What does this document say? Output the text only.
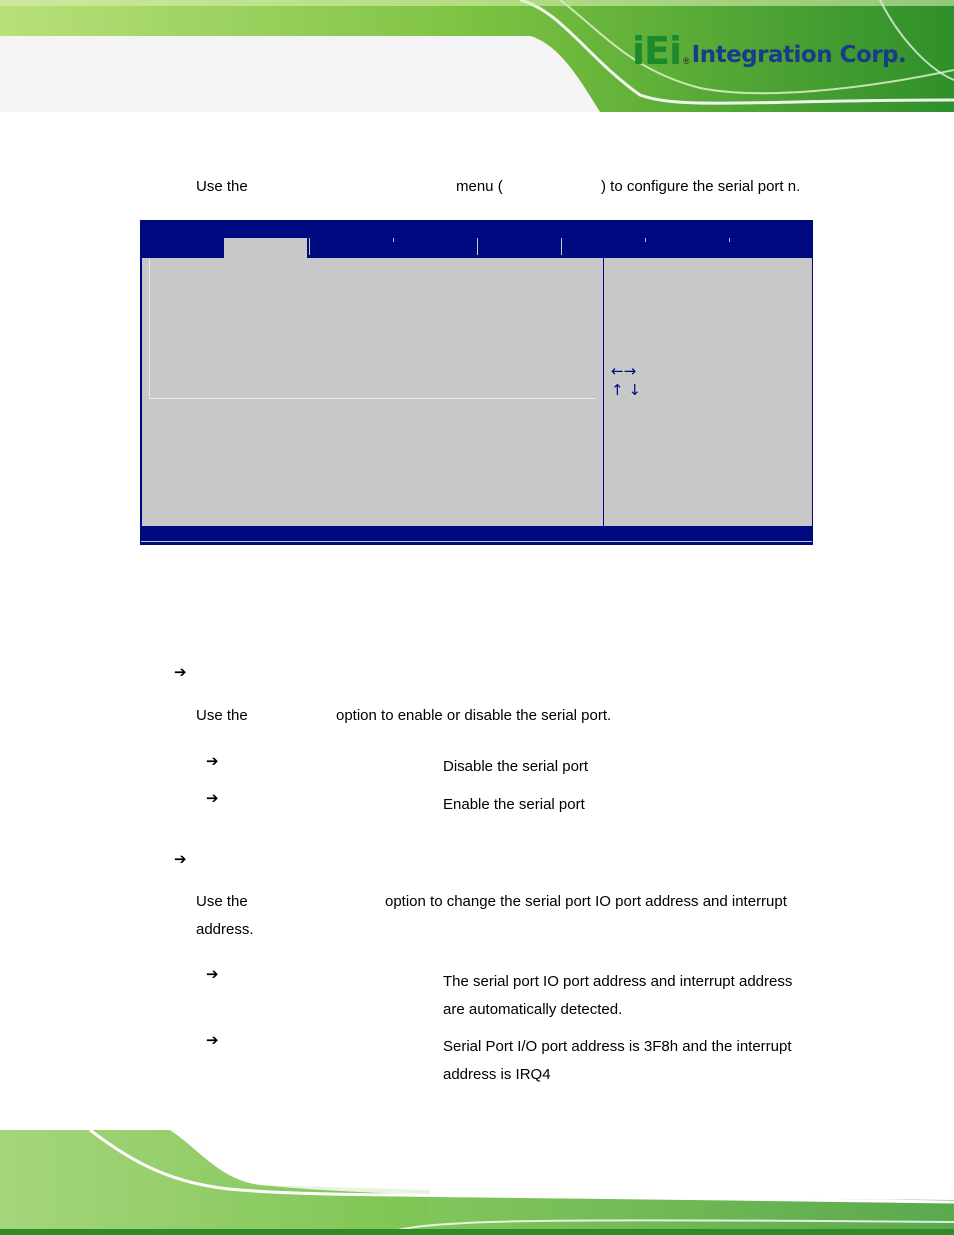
iEi ® Integration Corp.
Use the	menu (	) to configure the serial port n.
←→
↑ ↓
➔
Use the	option to enable or disable the serial port.
➔	Disable the serial port
➔	Enable the serial port
➔
Use the	option to change the serial port IO port address and interrupt
address.
➔	The serial port IO port address and interrupt address
are automatically detected.
➔	Serial Port I/O port address is 3F8h and the interrupt
address is IRQ4
